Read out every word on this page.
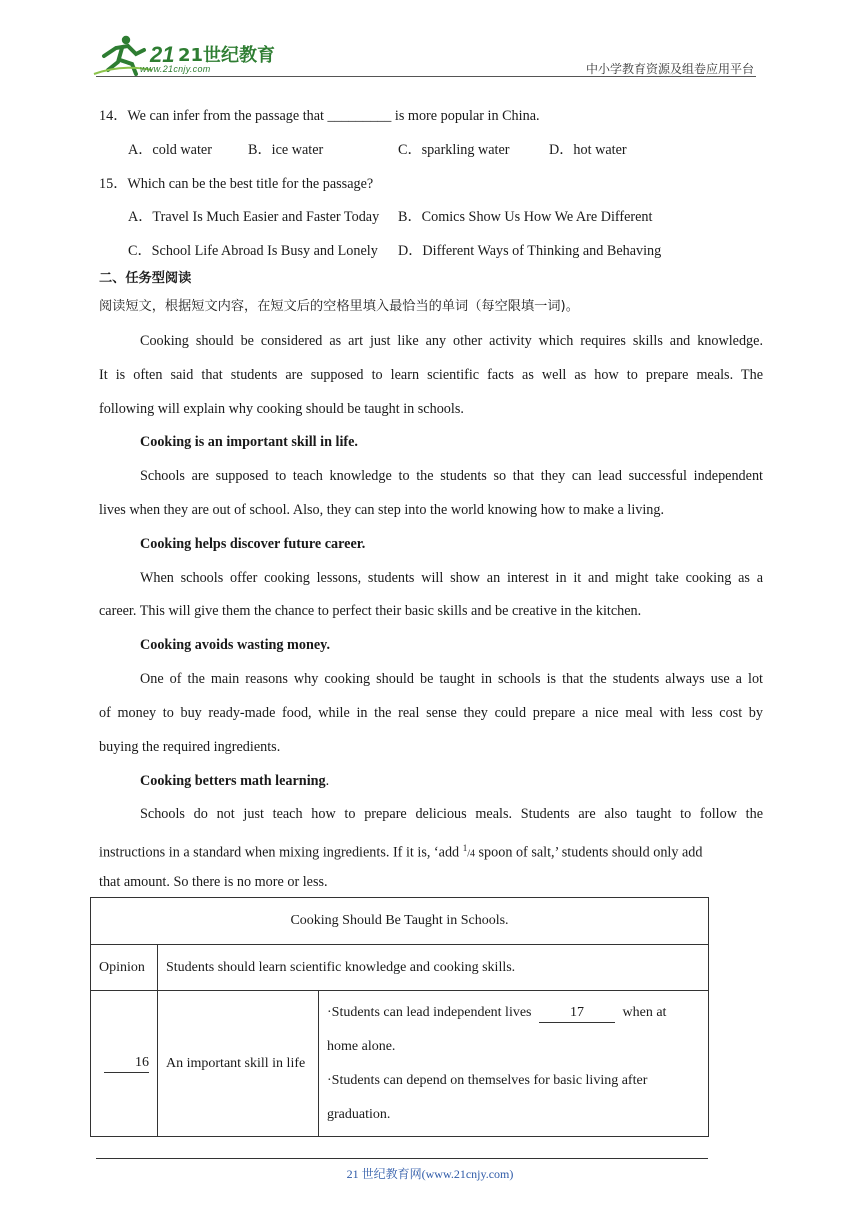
21 21世纪教育
www.21cnjy.com	中小学教育资源及组卷应用平台
14．We can infer from the passage that _________ is more popular in China.
A．cold water	B．ice water	C．sparkling water	D．hot water
15．Which can be the best title for the passage?
A．Travel Is Much Easier and Faster Today B．Comics Show Us How We Are Different
C．School Life Abroad Is Busy and Lonely D．Different Ways of Thinking and Behaving
二、任务型阅读
阅读短文，根据短文内容，在短文后的空格里填入最恰当的单词（每空限填一词)。
Cooking should be considered as art just like any other activity which requires skills and knowledge.
It is often said that students are supposed to learn scientific facts as well as how to prepare meals. The
following will explain why cooking should be taught in schools.
Cooking is an important skill in life.
Schools are supposed to teach knowledge to the students so that they can lead successful independent
lives when they are out of school. Also, they can step into the world knowing how to make a living.
Cooking helps discover future career.
When schools offer cooking lessons, students will show an interest in it and might take cooking as a
career. This will give them the chance to perfect their basic skills and be creative in the kitchen.
Cooking avoids wasting money.
One of the main reasons why cooking should be taught in schools is that the students always use a lot
of money to buy ready-made food, while in the real sense they could prepare a nice meal with less cost by
buying the required ingredients.
Cooking betters math learning.
Schools do not just teach how to prepare delicious meals. Students are also taught to follow the
instructions in a standard when mixing ingredients. If it is, ‘add $^1$/4 spoon of salt,’ students should only add
that amount. So there is no more or less.
Cooking Should Be Taught in Schools.		
Opinion	Students should learn scientific knowledge and cooking skills.	
16	An important skill in life	·Students can lead independent lives 17 when at home alone.
·Students can depend on themselves for basic living after graduation.
21 世纪教育网(www.21cnjy.com)
